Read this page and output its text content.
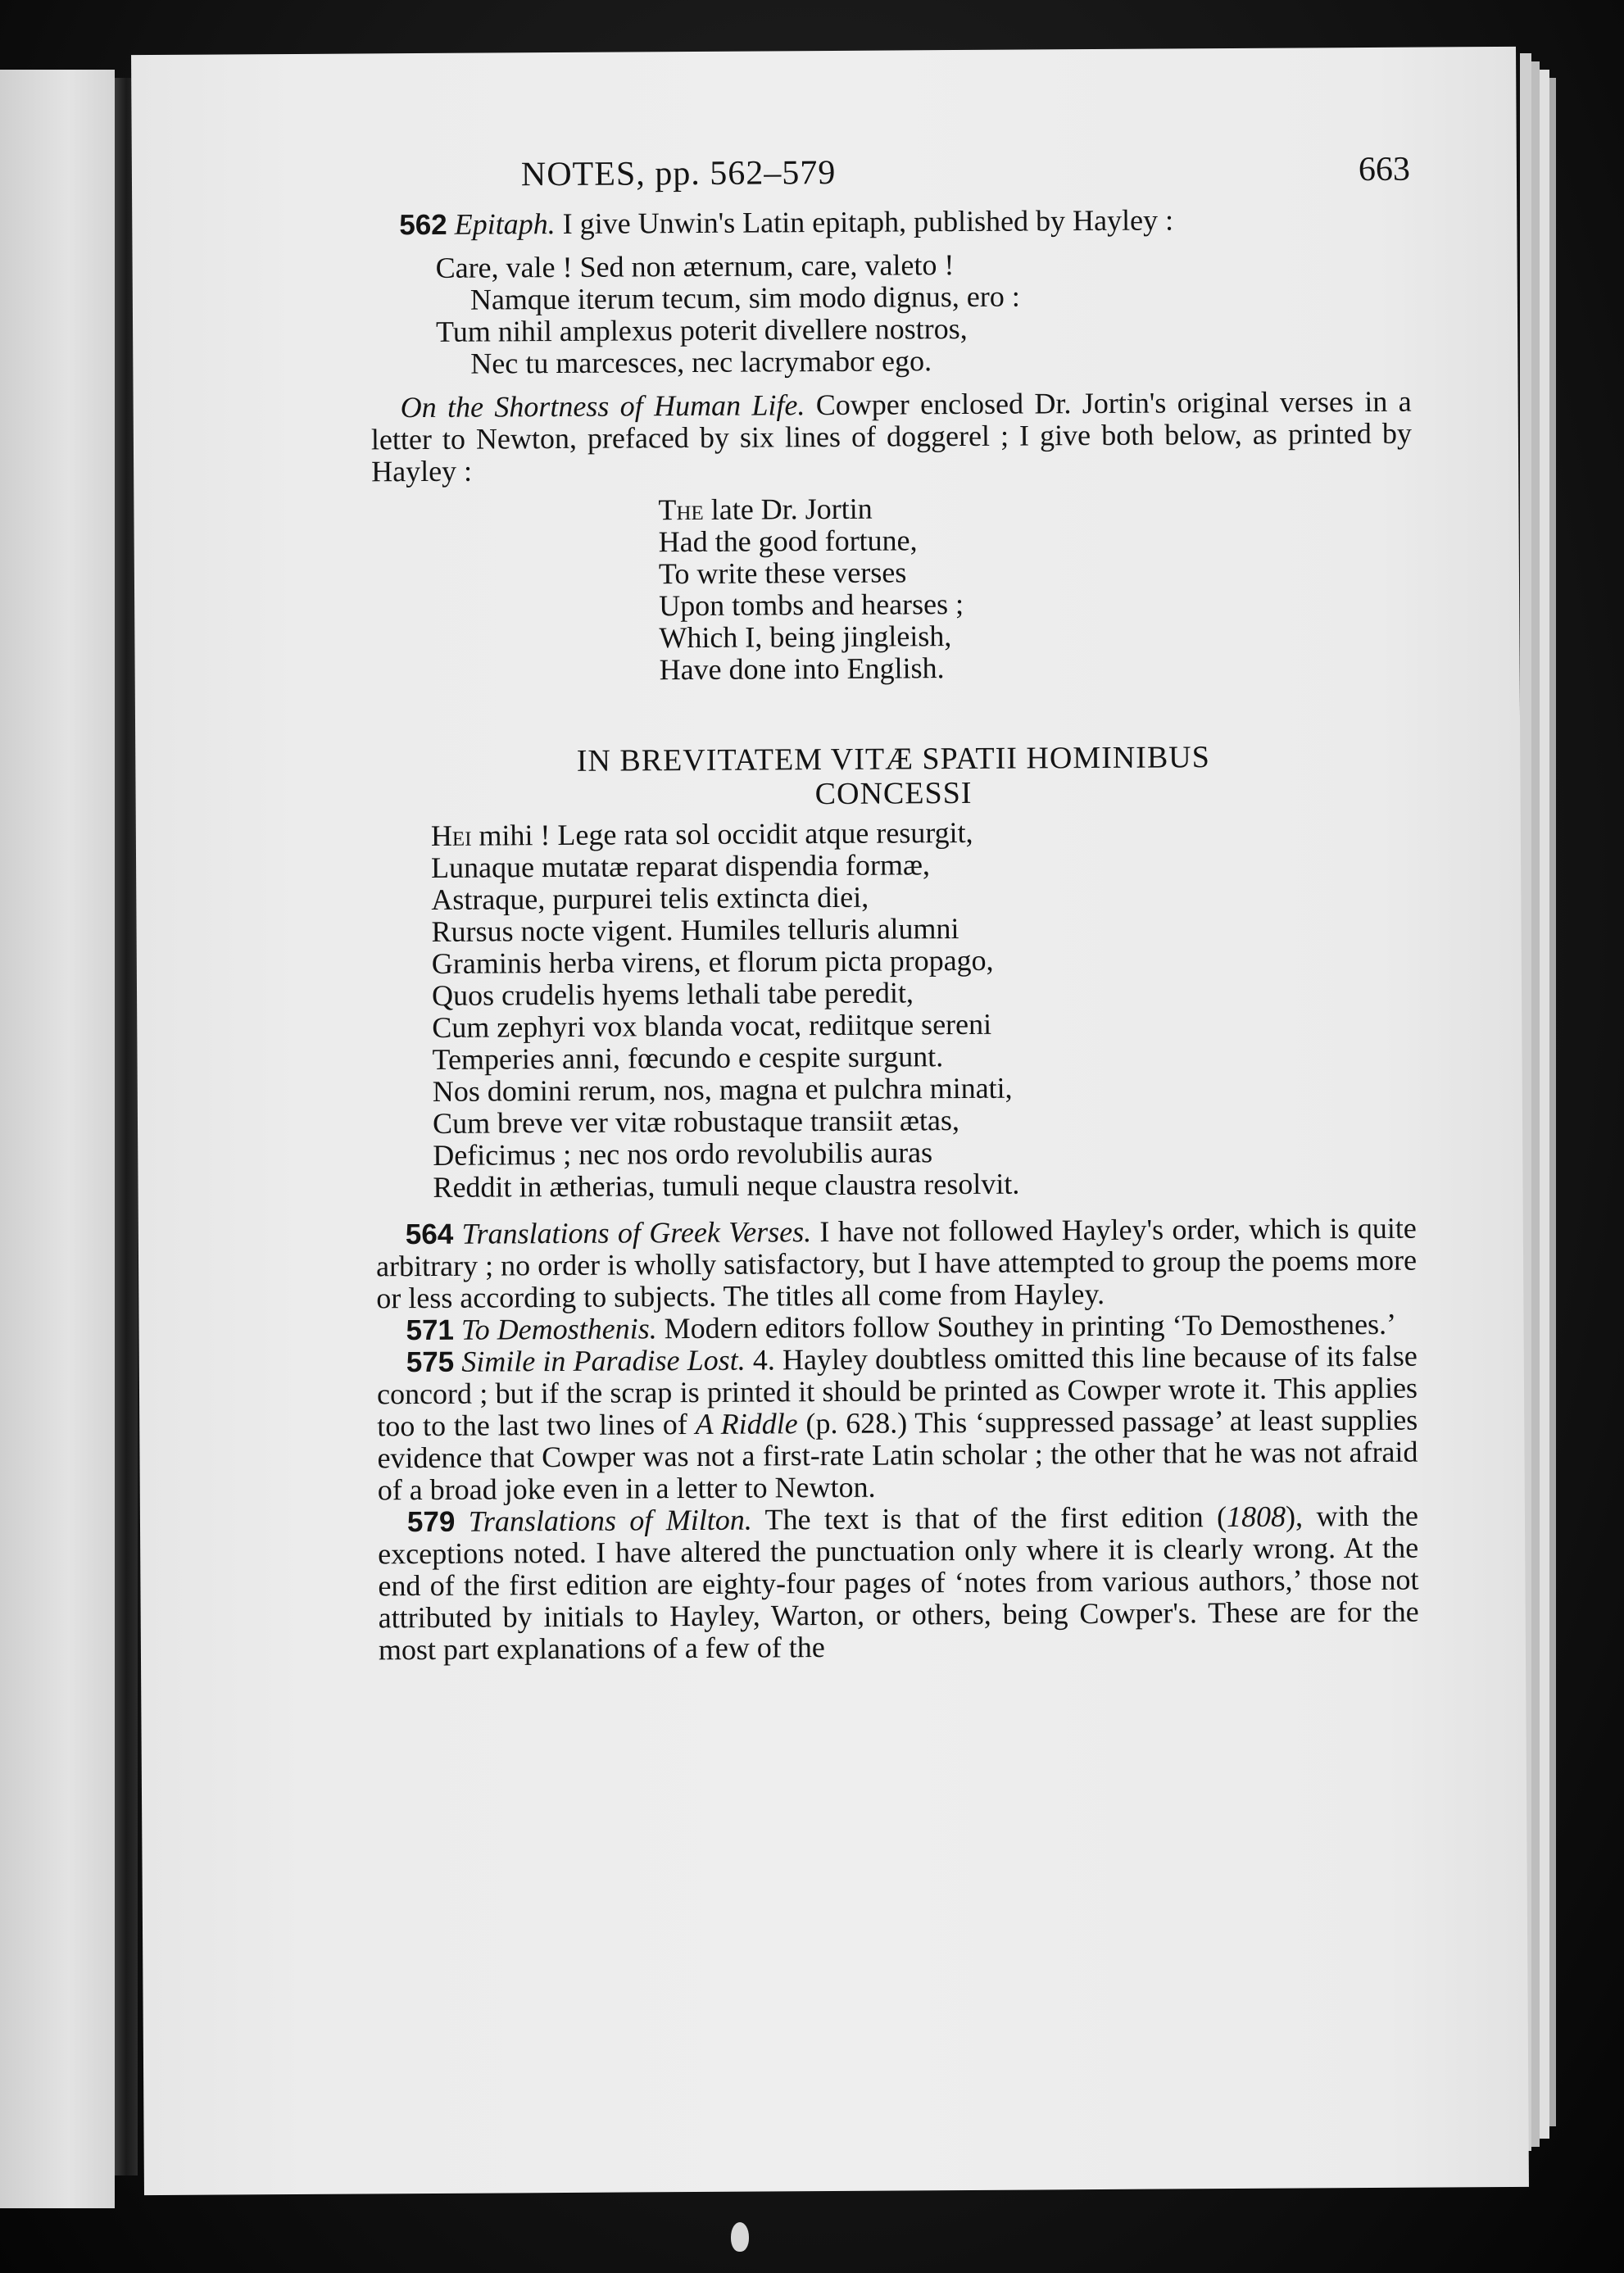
NOTES, pp. 562–579	663

562 Epitaph. I give Unwin's Latin epitaph, published by Hayley :

Care, vale ! Sed non æternum, care, valeto !
Namque iterum tecum, sim modo dignus, ero :
Tum nihil amplexus poterit divellere nostros,
Nec tu marcesces, nec lacrymabor ego.

On the Shortness of Human Life. Cowper enclosed Dr. Jortin's original verses in a letter to Newton, prefaced by six lines of doggerel ; I give both below, as printed by Hayley :

The late Dr. Jortin
Had the good fortune,
To write these verses
Upon tombs and hearses ;
Which I, being jingleish,
Have done into English.
IN BREVITATEM VITÆ SPATII HOMINIBUS
CONCESSI
Hei mihi ! Lege rata sol occidit atque resurgit,
Lunaque mutatæ reparat dispendia formæ,
Astraque, purpurei telis extincta diei,
Rursus nocte vigent. Humiles telluris alumni
Graminis herba virens, et florum picta propago,
Quos crudelis hyems lethali tabe peredit,
Cum zephyri vox blanda vocat, rediitque sereni
Temperies anni, fœcundo e cespite surgunt.
Nos domini rerum, nos, magna et pulchra minati,
Cum breve ver vitæ robustaque transiit ætas,
Deficimus ; nec nos ordo revolubilis auras
Reddit in ætherias, tumuli neque claustra resolvit.

564 Translations of Greek Verses. I have not followed Hayley's order, which is quite arbitrary ; no order is wholly satisfactory, but I have attempted to group the poems more or less according to subjects. The titles all come from Hayley.

571 To Demosthenis. Modern editors follow Southey in printing ‘To Demosthenes.’

575 Simile in Paradise Lost. 4. Hayley doubtless omitted this line because of its false concord ; but if the scrap is printed it should be printed as Cowper wrote it. This applies too to the last two lines of A Riddle (p. 628.) This ‘suppressed passage’ at least supplies evidence that Cowper was not a first-rate Latin scholar ; the other that he was not afraid of a broad joke even in a letter to Newton.

579 Translations of Milton. The text is that of the first edition (1808), with the exceptions noted. I have altered the punctuation only where it is clearly wrong. At the end of the first edition are eighty-four pages of ‘notes from various authors,’ those not attributed by initials to Hayley, Warton, or others, being Cowper's. These are for the most part explanations of a few of the
